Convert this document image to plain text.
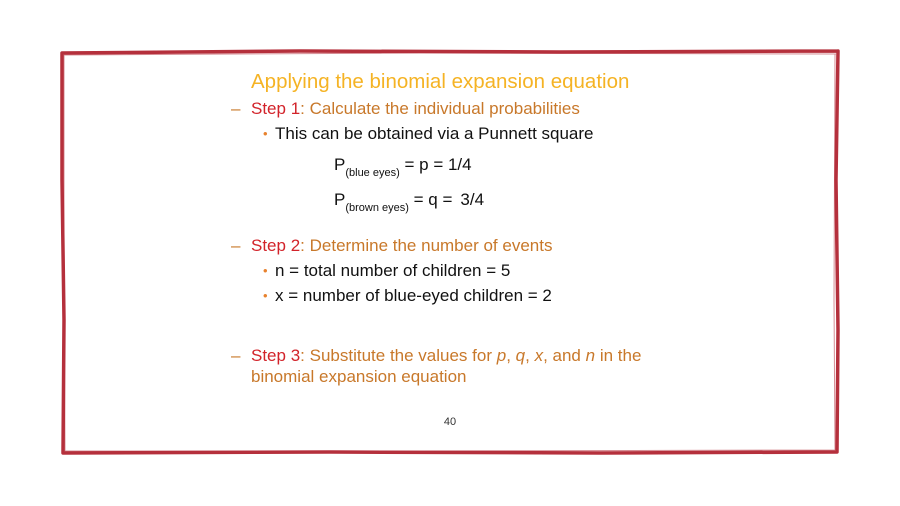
Applying the binomial expansion equation
– Step 1: Calculate the individual probabilities
• This can be obtained via a Punnett square
$P_{(blue eyes)} = p = 1/4$
$P_{(brown eyes)} = q = 3/4$
– Step 2: Determine the number of events
• n = total number of children = 5
• x = number of blue-eyed children = 2
– Step 3: Substitute the values for p, q, x, and n in the
binomial expansion equation
40
